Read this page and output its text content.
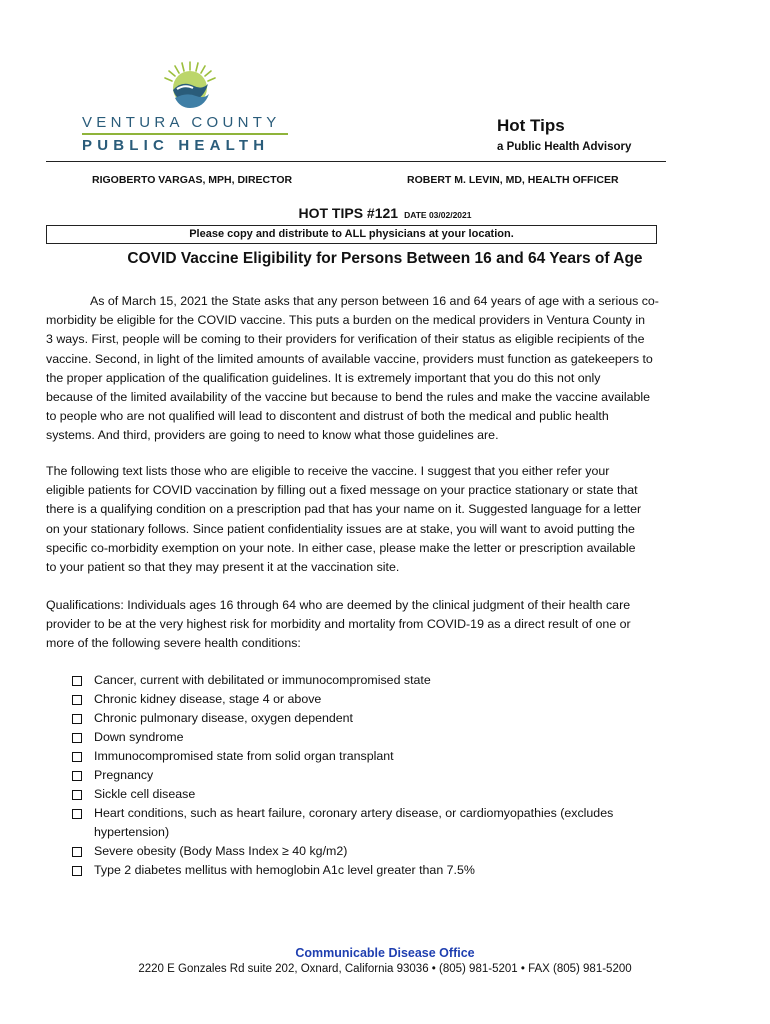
VENTURA COUNTY
PUBLIC HEALTH
Hot Tips
a Public Health Advisory
RIGOBERTO VARGAS, MPH, DIRECTOR	ROBERT M. LEVIN, MD, HEALTH OFFICER
HOT TIPS #121 DATE 03/02/2021
Please copy and distribute to ALL physicians at your location.
COVID Vaccine Eligibility for Persons Between 16 and 64 Years of Age

As of March 15, 2021 the State asks that any person between 16 and 64 years of age with a serious co-
morbidity be eligible for the COVID vaccine. This puts a burden on the medical providers in Ventura County in
3 ways. First, people will be coming to their providers for verification of their status as eligible recipients of the
vaccine. Second, in light of the limited amounts of available vaccine, providers must function as gatekeepers to
the proper application of the qualification guidelines. It is extremely important that you do this not only
because of the limited availability of the vaccine but because to bend the rules and make the vaccine available
to people who are not qualified will lead to discontent and distrust of both the medical and public health
systems. And third, providers are going to need to know what those guidelines are.

The following text lists those who are eligible to receive the vaccine. I suggest that you either refer your
eligible patients for COVID vaccination by filling out a fixed message on your practice stationary or state that
there is a qualifying condition on a prescription pad that has your name on it. Suggested language for a letter
on your stationary follows. Since patient confidentiality issues are at stake, you will want to avoid putting the
specific co-morbidity exemption on your note. In either case, please make the letter or prescription available
to your patient so that they may present it at the vaccination site.

Qualifications: Individuals ages 16 through 64 who are deemed by the clinical judgment of their health care
provider to be at the very highest risk for morbidity and mortality from COVID-19 as a direct result of one or
more of the following severe health conditions:

Cancer, current with debilitated or immunocompromised state
Chronic kidney disease, stage 4 or above
Chronic pulmonary disease, oxygen dependent
Down syndrome
Immunocompromised state from solid organ transplant
Pregnancy
Sickle cell disease
Heart conditions, such as heart failure, coronary artery disease, or cardiomyopathies (excludes
hypertension)
Severe obesity (Body Mass Index ≥ 40 kg/m2)
Type 2 diabetes mellitus with hemoglobin A1c level greater than 7.5%
Communicable Disease Office
2220 E Gonzales Rd suite 202, Oxnard, California 93036 • (805) 981-5201 • FAX (805) 981-5200
